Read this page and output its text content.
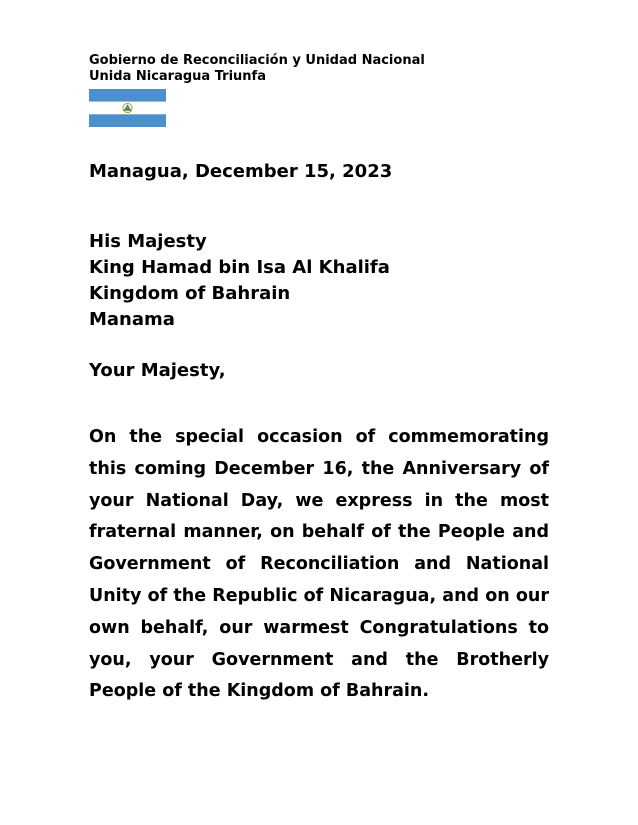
Gobierno de Reconciliación y Unidad Nacional
Unida Nicaragua Triunfa
Managua, December 15, 2023
His Majesty
King Hamad bin Isa Al Khalifa
Kingdom of Bahrain
Manama
Your Majesty,

On the special occasion of commemorating this coming December 16, the Anniversary of your National Day, we express in the most fraternal manner, on behalf of the People and Government of Reconciliation and National Unity of the Republic of Nicaragua, and on our own behalf, our warmest Congratulations to you, your Government and the Brotherly People of the Kingdom of Bahrain.
